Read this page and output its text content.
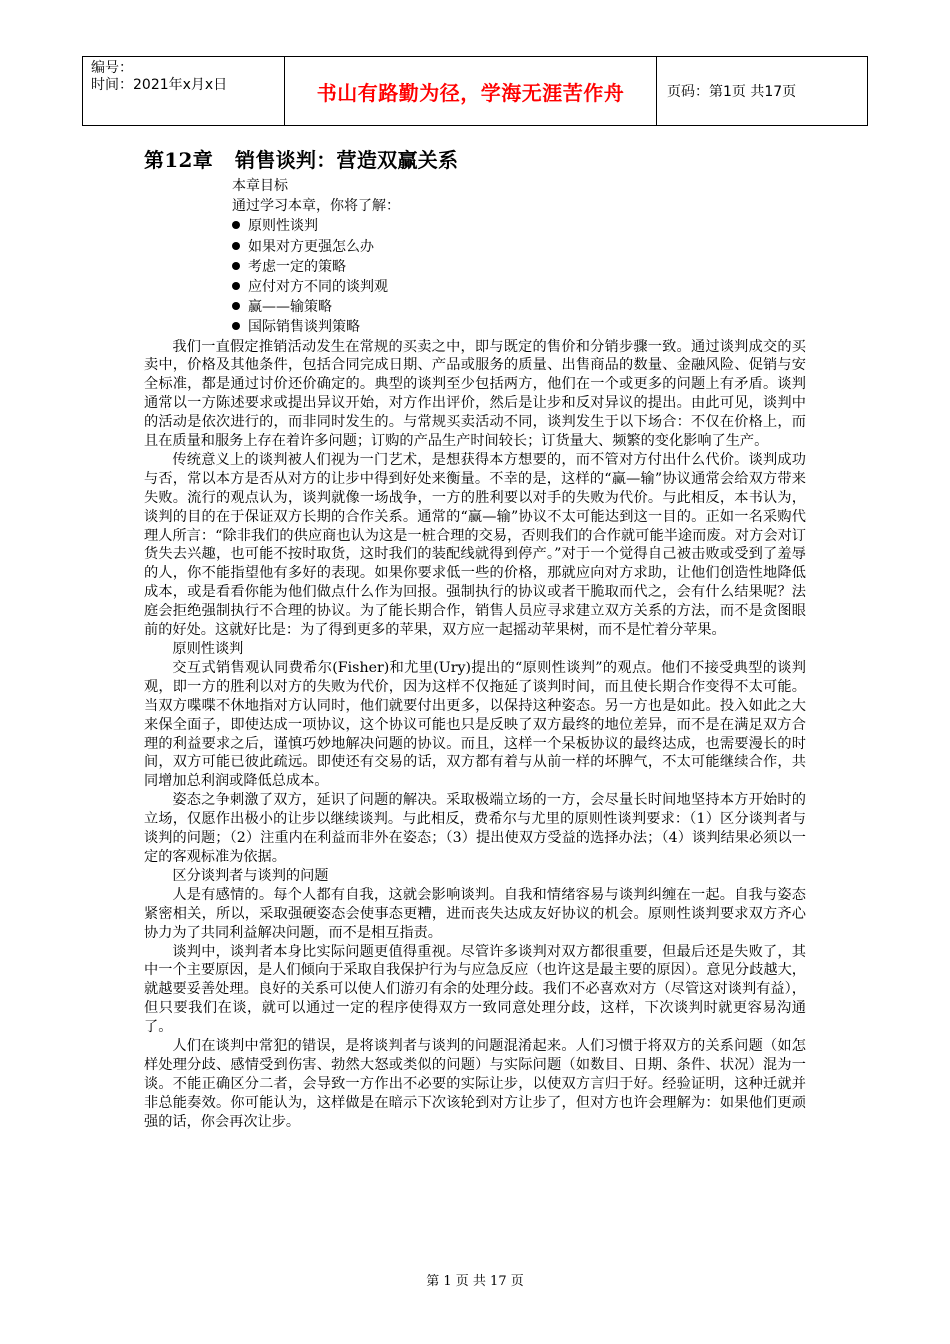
编号：
时间：2021年x月x日	书山有路勤为径，学海无涯苦作舟	页码：第1页 共17页
第12章 销售谈判：营造双赢关系
本章目标
通过学习本章，你将了解：
原则性谈判
如果对方更强怎么办
考虑一定的策略
应付对方不同的谈判观
赢——输策略
国际销售谈判策略

我们一直假定推销活动发生在常规的买卖之中，即与既定的售价和分销步骤一致。通过谈判成交的买卖中，价格及其他条件，包括合同完成日期、产品或服务的质量、出售商品的数量、金融风险、促销与安全标准，都是通过讨价还价确定的。典型的谈判至少包括两方，他们在一个或更多的问题上有矛盾。谈判通常以一方陈述要求或提出异议开始，对方作出评价，然后是让步和反对异议的提出。由此可见，谈判中的活动是依次进行的，而非同时发生的。与常规买卖活动不同，谈判发生于以下场合：不仅在价格上，而且在质量和服务上存在着许多问题；订购的产品生产时间较长；订货量大、频繁的变化影响了生产。

传统意义上的谈判被人们视为一门艺术，是想获得本方想要的，而不管对方付出什么代价。谈判成功与否，常以本方是否从对方的让步中得到好处来衡量。不幸的是，这样的“赢—输”协议通常会给双方带来失败。流行的观点认为，谈判就像一场战争，一方的胜利要以对手的失败为代价。与此相反，本书认为，谈判的目的在于保证双方长期的合作关系。通常的“赢—输”协议不太可能达到这一目的。正如一名采购代理人所言：“除非我们的供应商也认为这是一桩合理的交易，否则我们的合作就可能半途而废。对方会对订货失去兴趣，也可能不按时取货，这时我们的装配线就得到停产。”对于一个觉得自己被击败或受到了羞辱的人，你不能指望他有多好的表现。如果你要求低一些的价格，那就应向对方求助，让他们创造性地降低成本，或是看看你能为他们做点什么作为回报。强制执行的协议或者干脆取而代之，会有什么结果呢？法庭会拒绝强制执行不合理的协议。为了能长期合作，销售人员应寻求建立双方关系的方法，而不是贪图眼前的好处。这就好比是：为了得到更多的苹果，双方应一起摇动苹果树，而不是忙着分苹果。

原则性谈判

交互式销售观认同费希尔(Fisher)和尤里(Ury)提出的“原则性谈判”的观点。他们不接受典型的谈判观，即一方的胜利以对方的失败为代价，因为这样不仅拖延了谈判时间，而且使长期合作变得不太可能。当双方喋喋不休地指对方认同时，他们就要付出更多，以保持这种姿态。另一方也是如此。投入如此之大来保全面子，即使达成一项协议，这个协议可能也只是反映了双方最终的地位差异，而不是在满足双方合理的利益要求之后，谨慎巧妙地解决问题的协议。而且，这样一个呆板协议的最终达成，也需要漫长的时间，双方可能已彼此疏远。即使还有交易的话，双方都有着与从前一样的坏脾气，不太可能继续合作，共同增加总利润或降低总成本。

姿态之争刺激了双方，延识了问题的解决。采取极端立场的一方，会尽量长时间地坚持本方开始时的立场，仅愿作出极小的让步以继续谈判。与此相反，费希尔与尤里的原则性谈判要求：（1）区分谈判者与谈判的问题；（2）注重内在利益而非外在姿态；（3）提出使双方受益的选择办法；（4）谈判结果必须以一定的客观标准为依据。

区分谈判者与谈判的问题

人是有感情的。每个人都有自我，这就会影响谈判。自我和情绪容易与谈判纠缠在一起。自我与姿态紧密相关，所以，采取强硬姿态会使事态更糟，进而丧失达成友好协议的机会。原则性谈判要求双方齐心协力为了共同利益解决问题，而不是相互指责。

谈判中，谈判者本身比实际问题更值得重视。尽管许多谈判对双方都很重要，但最后还是失败了，其中一个主要原因，是人们倾向于采取自我保护行为与应急反应（也许这是最主要的原因）。意见分歧越大，就越要妥善处理。良好的关系可以使人们游刃有余的处理分歧。我们不必喜欢对方（尽管这对谈判有益），但只要我们在谈，就可以通过一定的程序使得双方一致同意处理分歧，这样，下次谈判时就更容易沟通了。

人们在谈判中常犯的错误，是将谈判者与谈判的问题混淆起来。人们习惯于将双方的关系问题（如怎样处理分歧、感情受到伤害、勃然大怒或类似的问题）与实际问题（如数目、日期、条件、状况）混为一谈。不能正确区分二者，会导致一方作出不必要的实际让步，以使双方言归于好。经验证明，这种迁就并非总能奏效。你可能认为，这样做是在暗示下次该轮到对方让步了，但对方也许会理解为：如果他们更顽强的话，你会再次让步。

第 1 页 共 17 页
